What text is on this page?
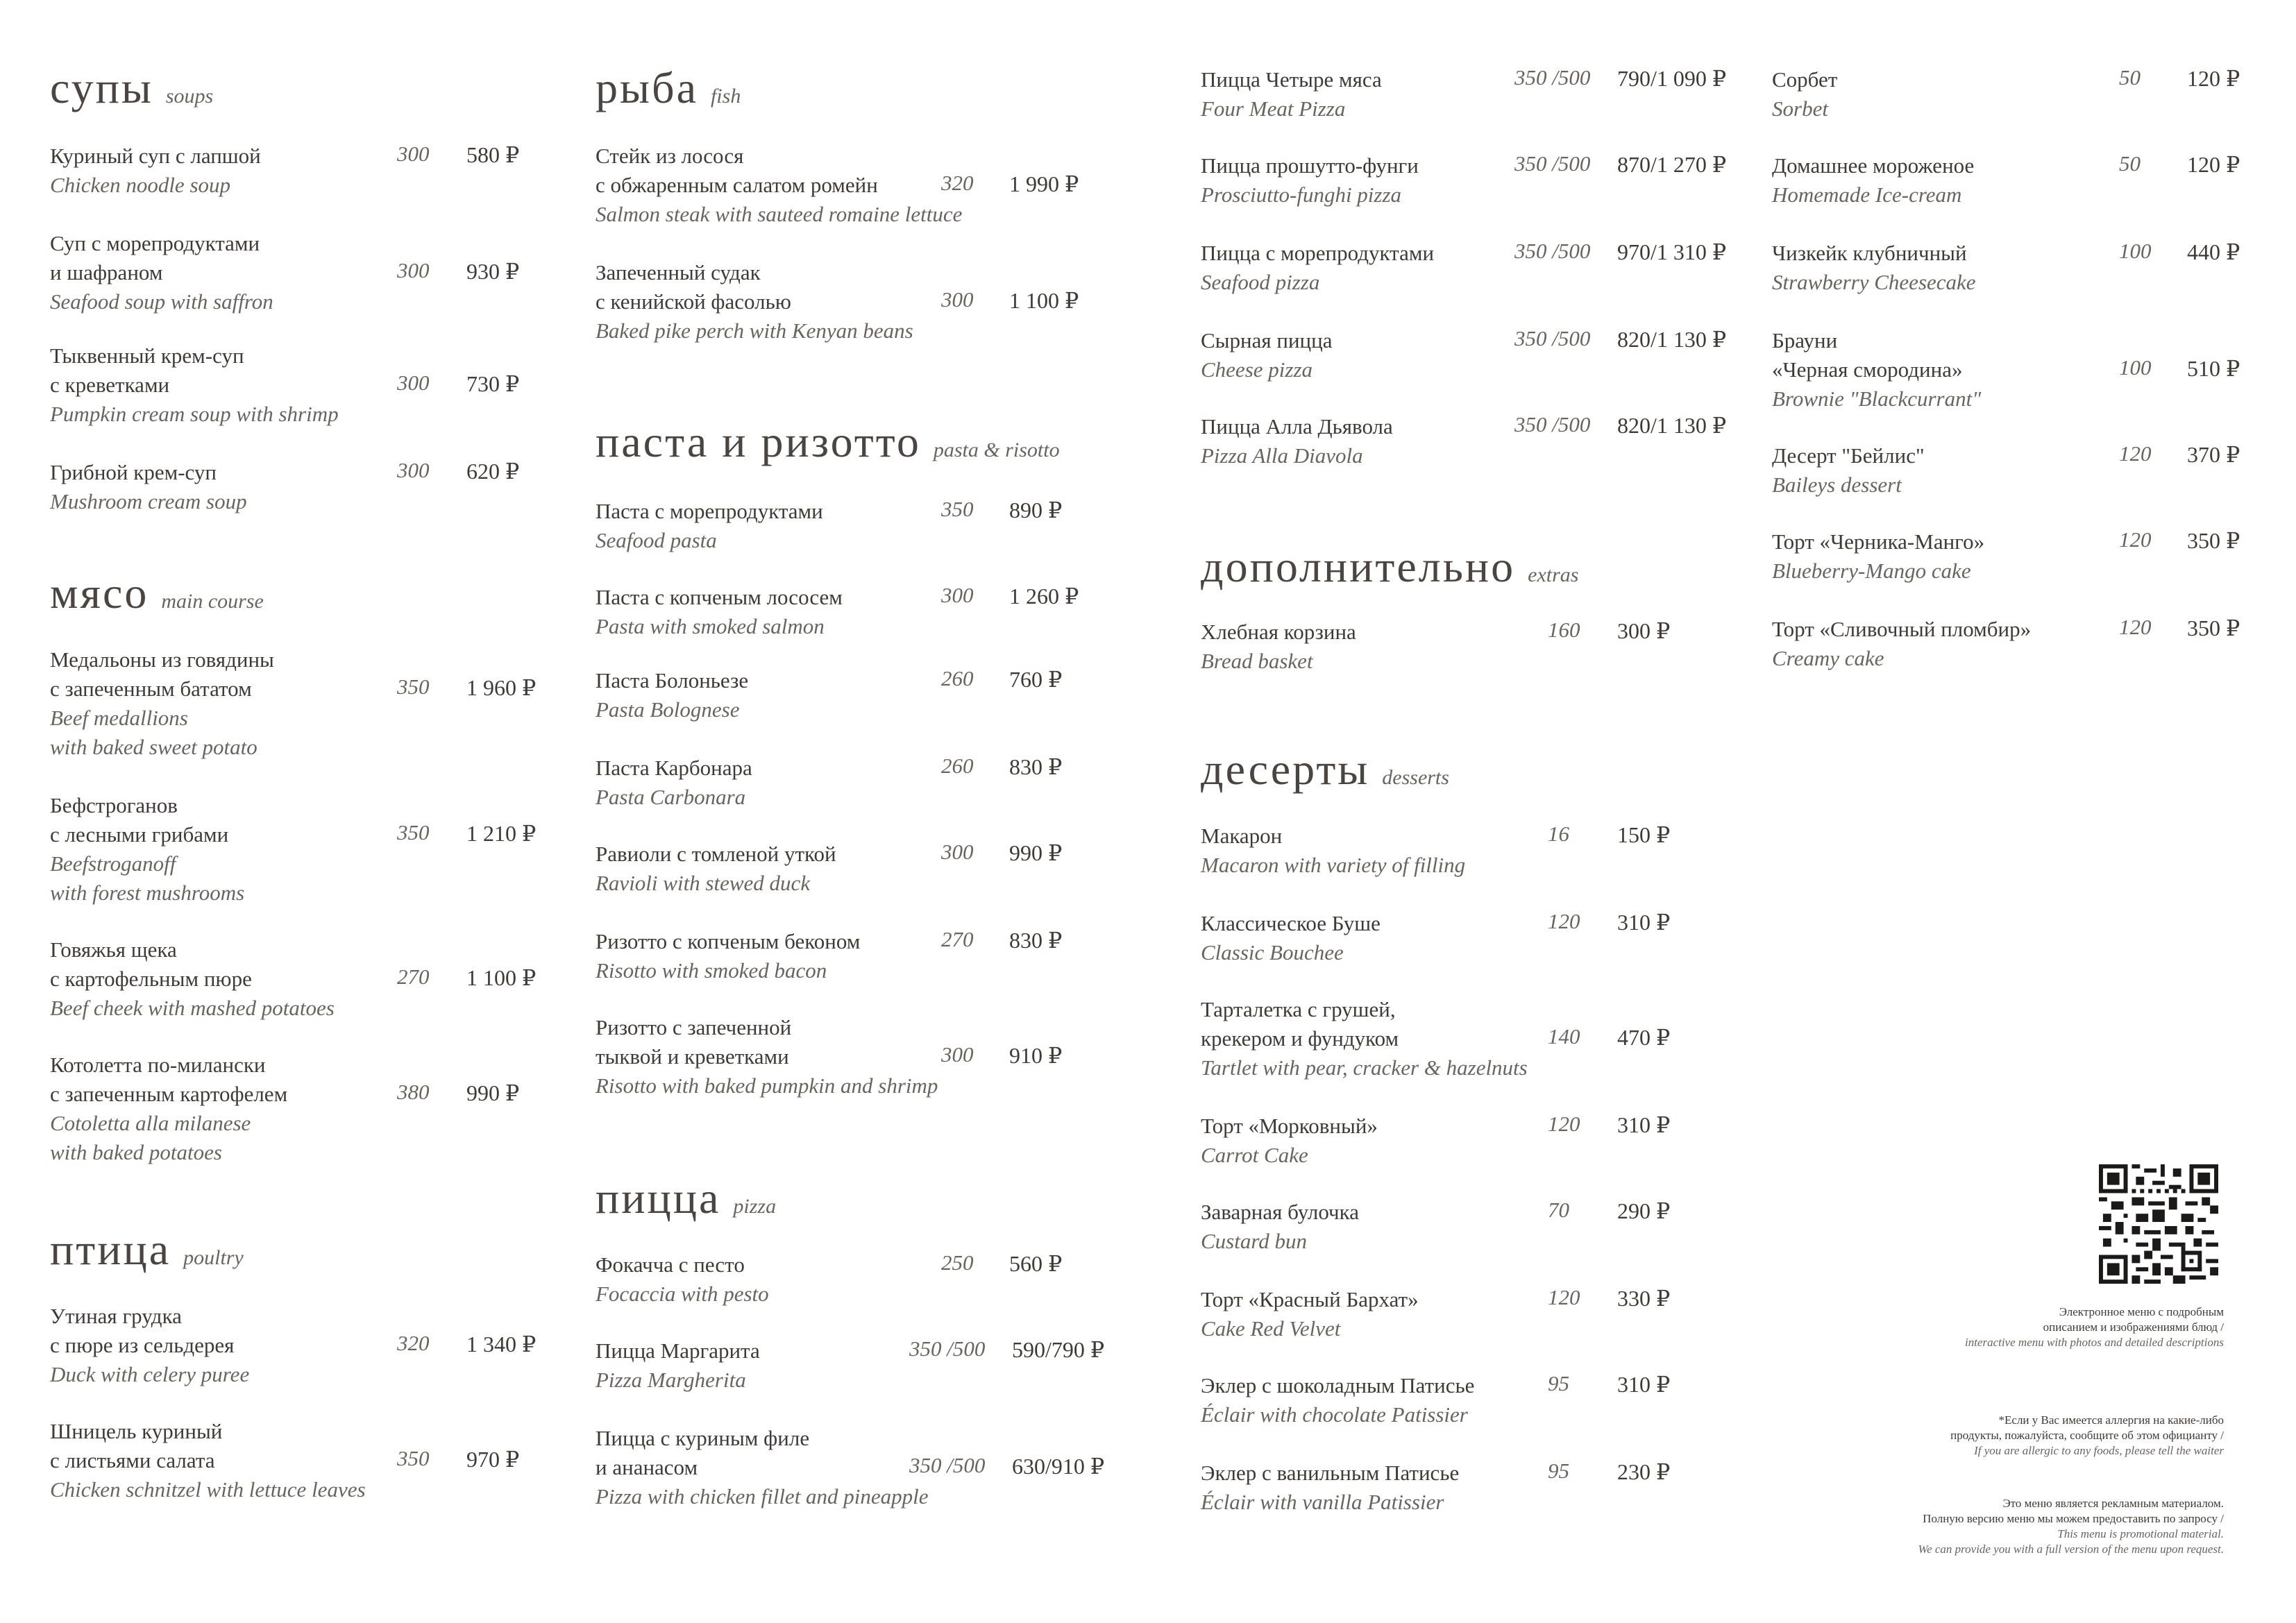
супы soups
Куриный суп с лапшой
Chicken noodle soup
300 580 ₽
Суп с морепродуктами
и шафраном
Seafood soup with saffron
300 930 ₽
Тыквенный крем-суп
с креветками
Pumpkin cream soup with shrimp
300 730 ₽
Грибной крем-суп
Mushroom cream soup
300 620 ₽
мясо main course
Медальоны из говядины
с запеченным бататом
Beef medallions
with baked sweet potato
350 1 960 ₽
Бефстроганов
с лесными грибами
Beefstroganoff
with forest mushrooms
350 1 210 ₽
Говяжья щека
с картофельным пюре
Beef cheek with mashed potatoes
270 1 100 ₽
Котолетта по-милански
с запеченным картофелем
Cotoletta alla milanese
with baked potatoes
380 990 ₽
птица poultry
Утиная грудка
с пюре из сельдерея
Duck with celery puree
320 1 340 ₽
Шницель куриный
с листьями салата
Chicken schnitzel with lettuce leaves
350 970 ₽
рыба fish
Стейк из лосося
с обжаренным салатом ромейн
Salmon steak with sauteed romaine lettuce
320 1 990 ₽
Запеченный судак
с кенийской фасолью
Baked pike perch with Kenyan beans
300 1 100 ₽
паста и ризотто pasta & risotto
Паста с морепродуктами
Seafood pasta
350 890 ₽
Паста с копченым лососем
Pasta with smoked salmon
300 1 260 ₽
Паста Болоньезе
Pasta Bolognese
260 760 ₽
Паста Карбонара
Pasta Carbonara
260 830 ₽
Равиоли с томленой уткой
Ravioli with stewed duck
300 990 ₽
Ризотто с копченым беконом
Risotto with smoked bacon
270 830 ₽
Ризотто с запеченной
тыквой и креветками
Risotto with baked pumpkin and shrimp
300 910 ₽
пицца pizza
Фокачча с песто
Focaccia with pesto
250 560 ₽
Пицца Маргарита
Pizza Margherita
350 /500 590/790 ₽
Пицца с куриным филе
и ананасом
Pizza with chicken fillet and pineapple
350 /500 630/910 ₽
Пицца Четыре мяса
Four Meat Pizza
350 /500 790/1 090 ₽
Пицца прошутто-фунги
Prosciutto-funghi pizza
350 /500 870/1 270 ₽
Пицца с морепродуктами
Seafood pizza
350 /500 970/1 310 ₽
Сырная пицца
Cheese pizza
350 /500 820/1 130 ₽
Пицца Алла Дьявола
Pizza Alla Diavola
350 /500 820/1 130 ₽
дополнительно extras
Хлебная корзина
Bread basket
160 300 ₽
десерты desserts
Макарон
Macaron with variety of filling
16 150 ₽
Классическое Буше
Classic Bouchee
120 310 ₽
Тарталетка с грушей,
крекером и фундуком
Tartlet with pear, cracker & hazelnuts
140 470 ₽
Торт «Морковный»
Carrot Cake
120 310 ₽
Заварная булочка
Custard bun
70 290 ₽
Торт «Красный Бархат»
Cake Red Velvet
120 330 ₽
Эклер с шоколадным Патисье
Éclair with chocolate Patissier
95 310 ₽
Эклер с ванильным Патисье
Éclair with vanilla Patissier
95 230 ₽
Сорбет
Sorbet
50 120 ₽
Домашнее мороженое
Homemade Ice-cream
50 120 ₽
Чизкейк клубничный
Strawberry Cheesecake
100 440 ₽
Брауни
«Черная смородина»
Brownie "Blackcurrant"
100 510 ₽
Десерт "Бейлис"
Baileys dessert
120 370 ₽
Торт «Черника-Манго»
Blueberry-Mango cake
120 350 ₽
Торт «Сливочный пломбир»
Creamy cake
120 350 ₽
Электронное меню с подробным
описанием и изображениями блюд /
interactive menu with photos and detailed descriptions
*Если у Вас имеется аллергия на какие-либо
продукты, пожалуйста, сообщите об этом официанту /
If you are allergic to any foods, please tell the waiter
Это меню является рекламным материалом.
Полную версию меню мы можем предоставить по запросу /
This menu is promotional material.
We can provide you with a full version of the menu upon request.
